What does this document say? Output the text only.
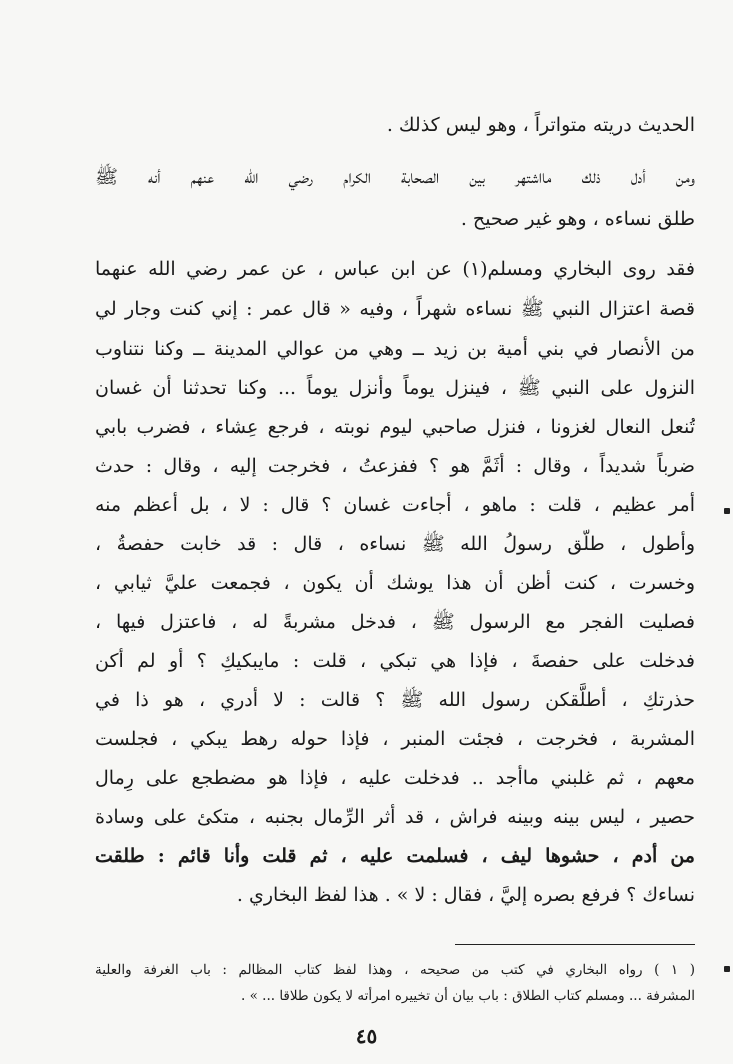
الحديث دريته متواتراً ، وهو ليس كذلك .
ومن أدل ذلك مااشتهر بين الصحابة الكرام رضي الله عنهم أنه ﷺ
طلق نساءه ، وهو غير صحيح .
فقد روى البخاري ومسلم(١) عن ابن عباس ، عن عمر رضي الله عنهما
قصة اعتزال النبي ﷺ نساءه شهراً ، وفيه « قال عمر : إني كنت وجار لي
من الأنصار في بني أمية بن زيد ــ وهي من عوالي المدينة ــ وكنا نتناوب
النزول على النبي ﷺ ، فينزل يوماً وأنزل يوماً ... وكنا تحدثنا أن غسان
تُنعل النعال لغزونا ، فنزل صاحبي ليوم نوبته ، فرجع عِشاء ، فضرب بابي
ضرباً شديداً ، وقال : أثَمَّ هو ؟ ففزعتُ ، فخرجت إليه ، وقال : حدث
أمر عظيم ، قلت : ماهو ، أجاءت غسان ؟ قال : لا ، بل أعظم منه
وأطول ، طلّق رسولُ الله ﷺ نساءه ، قال : قد خابت حفصةُ ،
وخسرت ، كنت أظن أن هذا يوشك أن يكون ، فجمعت عليَّ ثيابي ،
فصليت الفجر مع الرسول ﷺ ، فدخل مشربةً له ، فاعتزل فيها ،
فدخلت على حفصةَ ، فإذا هي تبكي ، قلت : مايبكيكِ ؟ أو لم أكن
حذرتكِ ، أطلَّقكن رسول الله ﷺ ؟ قالت : لا أدري ، هو ذا في
المشربة ، فخرجت ، فجئت المنبر ، فإذا حوله رهط يبكي ، فجلست
معهم ، ثم غلبني ماأجد .. فدخلت عليه ، فإذا هو مضطجع على رِمال
حصير ، ليس بينه وبينه فراش ، قد أثر الرِّمال بجنبه ، متكئ على وسادة
من أدم ، حشوها ليف ، فسلمت عليه ، ثم قلت وأنا قائم : طلقت
نساءك ؟ فرفع بصره إليَّ ، فقال : لا » . هذا لفظ البخاري .
( ١ ) رواه البخاري في كتب من صحيحه ، وهذا لفظ كتاب المظالم : باب الغرفة والعلية
المشرفة ... ومسلم كتاب الطلاق : باب بيان أن تخييره امرأته لا يكون طلاقا ... » .
٤٥
